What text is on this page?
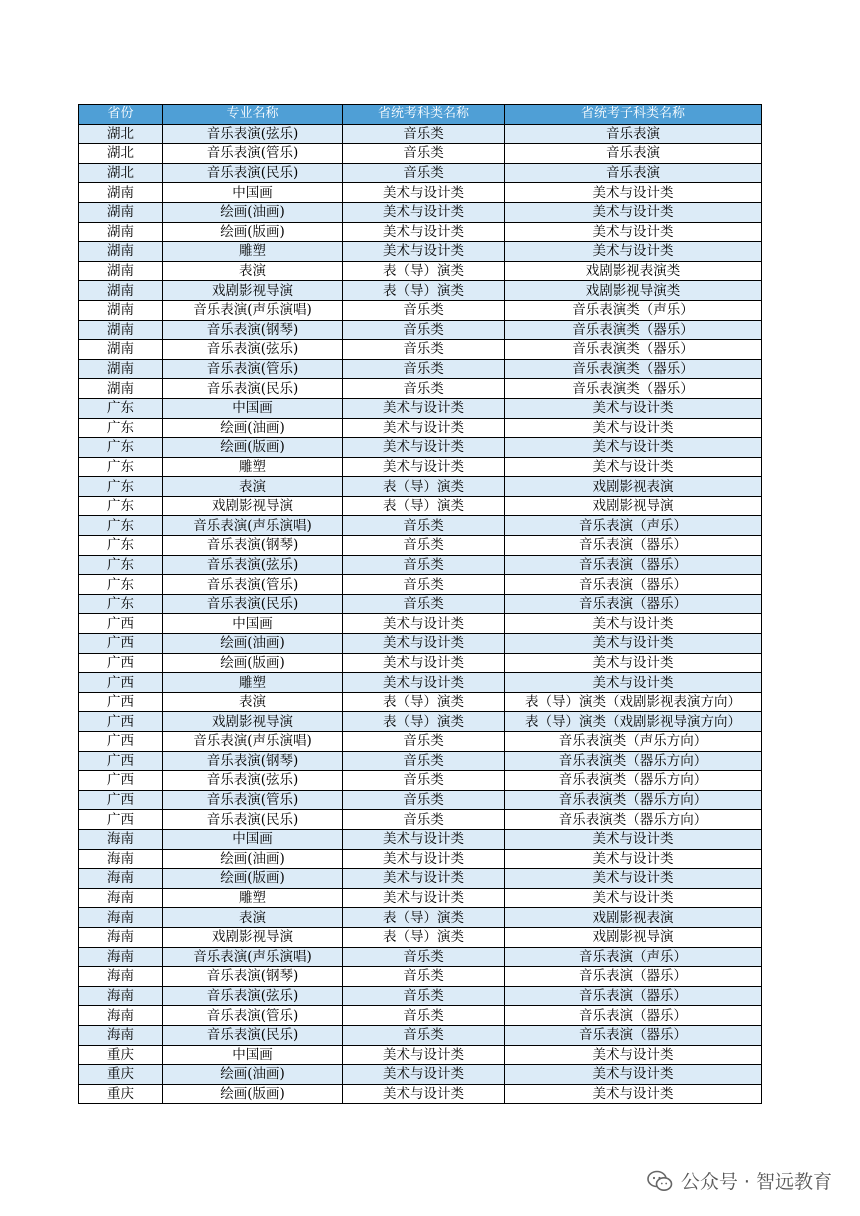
省份	专业名称	省统考科类名称	省统考子科类名称
湖北	音乐表演(弦乐)	音乐类	音乐表演
湖北	音乐表演(管乐)	音乐类	音乐表演
湖北	音乐表演(民乐)	音乐类	音乐表演
湖南	中国画	美术与设计类	美术与设计类
湖南	绘画(油画)	美术与设计类	美术与设计类
湖南	绘画(版画)	美术与设计类	美术与设计类
湖南	雕塑	美术与设计类	美术与设计类
湖南	表演	表（导）演类	戏剧影视表演类
湖南	戏剧影视导演	表（导）演类	戏剧影视导演类
湖南	音乐表演(声乐演唱)	音乐类	音乐表演类（声乐）
湖南	音乐表演(钢琴)	音乐类	音乐表演类（器乐）
湖南	音乐表演(弦乐)	音乐类	音乐表演类（器乐）
湖南	音乐表演(管乐)	音乐类	音乐表演类（器乐）
湖南	音乐表演(民乐)	音乐类	音乐表演类（器乐）
广东	中国画	美术与设计类	美术与设计类
广东	绘画(油画)	美术与设计类	美术与设计类
广东	绘画(版画)	美术与设计类	美术与设计类
广东	雕塑	美术与设计类	美术与设计类
广东	表演	表（导）演类	戏剧影视表演
广东	戏剧影视导演	表（导）演类	戏剧影视导演
广东	音乐表演(声乐演唱)	音乐类	音乐表演（声乐）
广东	音乐表演(钢琴)	音乐类	音乐表演（器乐）
广东	音乐表演(弦乐)	音乐类	音乐表演（器乐）
广东	音乐表演(管乐)	音乐类	音乐表演（器乐）
广东	音乐表演(民乐)	音乐类	音乐表演（器乐）
广西	中国画	美术与设计类	美术与设计类
广西	绘画(油画)	美术与设计类	美术与设计类
广西	绘画(版画)	美术与设计类	美术与设计类
广西	雕塑	美术与设计类	美术与设计类
广西	表演	表（导）演类	表（导）演类（戏剧影视表演方向）
广西	戏剧影视导演	表（导）演类	表（导）演类（戏剧影视导演方向）
广西	音乐表演(声乐演唱)	音乐类	音乐表演类（声乐方向）
广西	音乐表演(钢琴)	音乐类	音乐表演类（器乐方向）
广西	音乐表演(弦乐)	音乐类	音乐表演类（器乐方向）
广西	音乐表演(管乐)	音乐类	音乐表演类（器乐方向）
广西	音乐表演(民乐)	音乐类	音乐表演类（器乐方向）
海南	中国画	美术与设计类	美术与设计类
海南	绘画(油画)	美术与设计类	美术与设计类
海南	绘画(版画)	美术与设计类	美术与设计类
海南	雕塑	美术与设计类	美术与设计类
海南	表演	表（导）演类	戏剧影视表演
海南	戏剧影视导演	表（导）演类	戏剧影视导演
海南	音乐表演(声乐演唱)	音乐类	音乐表演（声乐）
海南	音乐表演(钢琴)	音乐类	音乐表演（器乐）
海南	音乐表演(弦乐)	音乐类	音乐表演（器乐）
海南	音乐表演(管乐)	音乐类	音乐表演（器乐）
海南	音乐表演(民乐)	音乐类	音乐表演（器乐）
重庆	中国画	美术与设计类	美术与设计类
重庆	绘画(油画)	美术与设计类	美术与设计类
重庆	绘画(版画)	美术与设计类	美术与设计类
公众号 · 智远教育
